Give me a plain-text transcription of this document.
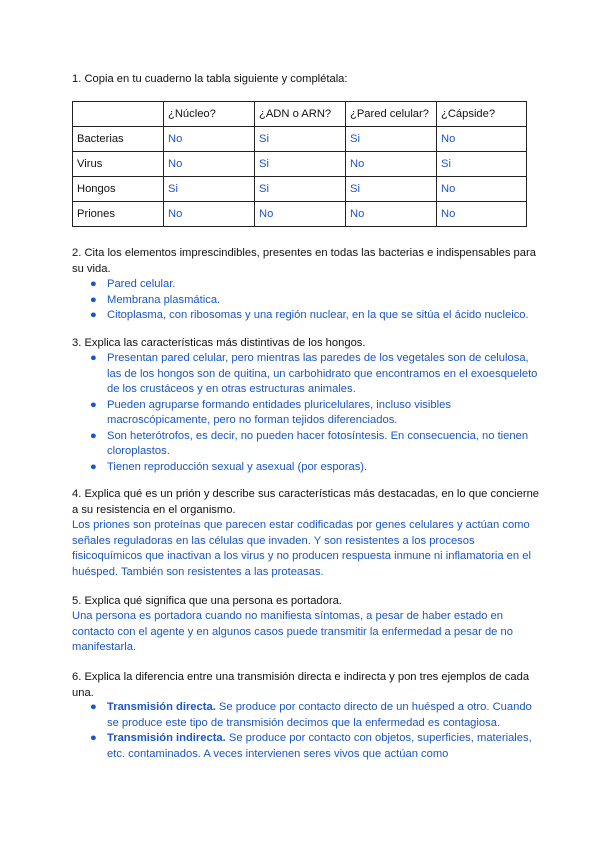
1. Copia en tu cuaderno la tabla siguiente y complétala:
	¿Núcleo?	¿ADN o ARN?	¿Pared celular?	¿Cápside?
Bacterias	No	Si	Si	No
Virus	No	Si	No	Si
Hongos	Si	Si	Si	No
Priones	No	No	No	No
2. Cita los elementos imprescindibles, presentes en todas las bacterias e indispensables para su vida.
● Pared celular.
● Membrana plasmática.
● Citoplasma, con ribosomas y una región nuclear, en la que se sitúa el ácido nucleico.
3. Explica las características más distintivas de los hongos.
● Presentan pared celular, pero mientras las paredes de los vegetales son de celulosa, las de los hongos son de quitina, un carbohidrato que encontramos en el exoesqueleto de los crustáceos y en otras estructuras animales.
● Pueden agruparse formando entidades pluricelulares, incluso visibles macroscópicamente, pero no forman tejidos diferenciados.
● Son heterótrofos, es decir, no pueden hacer fotosíntesis. En consecuencia, no tienen cloroplastos.
● Tienen reproducción sexual y asexual (por esporas).
4. Explica qué es un prión y describe sus características más destacadas, en lo que concierne a su resistencia en el organismo.
Los priones son proteínas que parecen estar codificadas por genes celulares y actúan como señales reguladoras en las células que invaden. Y son resistentes a los procesos fisicoquímicos que inactivan a los virus y no producen respuesta inmune ni inflamatoria en el huésped. También son resistentes a las proteasas.
5. Explica qué significa que una persona es portadora.
Una persona es portadora cuando no manifiesta síntomas, a pesar de haber estado en contacto con el agente y en algunos casos puede transmitir la enfermedad a pesar de no manifestarla.
6. Explica la diferencia entre una transmisión directa e indirecta y pon tres ejemplos de cada una.
● Transmisión directa. Se produce por contacto directo de un huésped a otro. Cuando se produce este tipo de transmisión decimos que la enfermedad es contagiosa.
● Transmisión indirecta. Se produce por contacto con objetos, superficies, materiales, etc. contaminados. A veces intervienen seres vivos que actúan como
